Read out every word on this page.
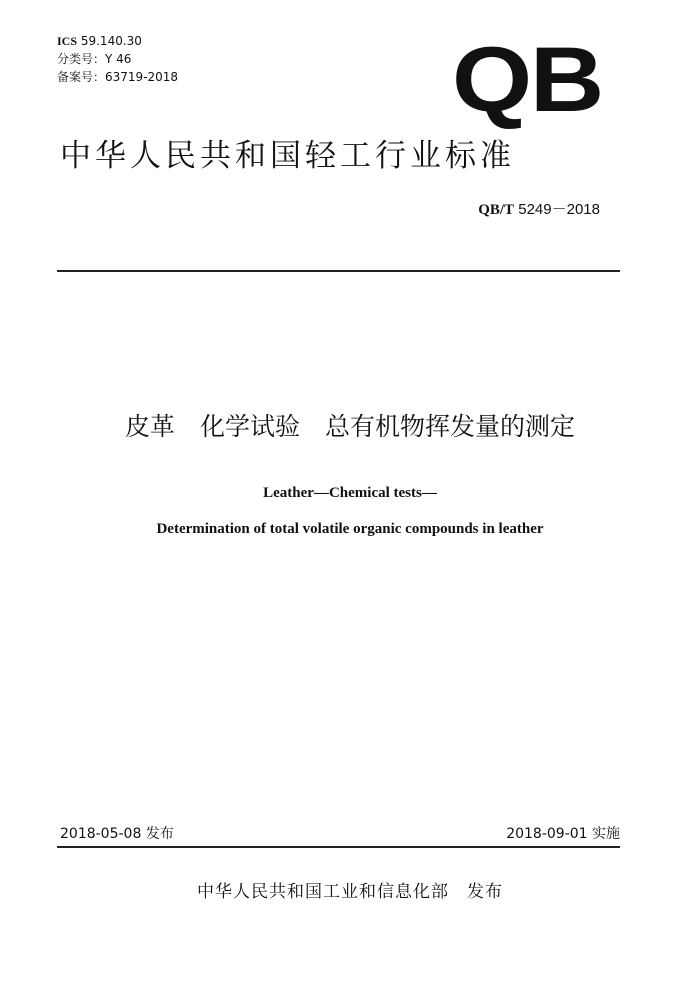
ICS 59.140.30
分类号：Y 46
备案号：63719-2018	QB
中华人民共和国轻工行业标准
QB/T 5249－2018
皮革　化学试验　总有机物挥发量的测定
Leather—Chemical tests—
Determination of total volatile organic compounds in leather
2018-05-08 发布	2018-09-01 实施
中华人民共和国工业和信息化部　发布
